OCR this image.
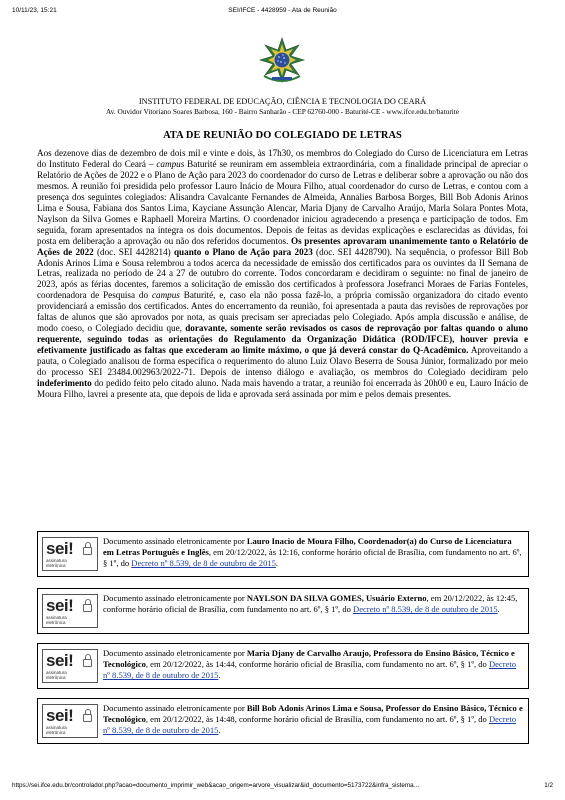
10/11/23, 15:21	SEI/IFCE - 4428959 - Ata de Reunião
INSTITUTO FEDERAL DE EDUCAÇÃO, CIÊNCIA E TECNOLOGIA DO CEARÁ
Av. Ouvidor Vitoriano Soares Barbosa, 160 - Bairro Sanharão - CEP 62760-000 - Baturité-CE - www.ifce.edu.br/baturite
ATA DE REUNIÃO DO COLEGIADO DE LETRAS

Aos dezenove dias de dezembro de dois mil e vinte e dois, às 17h30, os membros do Colegiado do Curso de Licenciatura em Letras do Instituto Federal do Ceará – campus Baturité se reuniram em assembleia extraordinária, com a finalidade principal de apreciar o Relatório de Ações de 2022 e o Plano de Ação para 2023 do coordenador do curso de Letras e deliberar sobre a aprovação ou não dos mesmos. A reunião foi presidida pelo professor Lauro Inácio de Moura Filho, atual coordenador do curso de Letras, e contou com a presença dos seguintes colegiados: Alisandra Cavalcante Fernandes de Almeida, Annalies Barbosa Borges, Bill Bob Adonis Arinos Lima e Sousa, Fabiana dos Santos Lima, Kayciane Assunção Alencar, Maria Djany de Carvalho Araújo, Marla Solara Pontes Mota, Naylson da Silva Gomes e Raphaell Moreira Martins. O coordenador iniciou agradecendo a presença e participação de todos. Em seguida, foram apresentados na íntegra os dois documentos. Depois de feitas as devidas explicações e esclarecidas as dúvidas, foi posta em deliberação a aprovação ou não dos referidos documentos. Os presentes aprovaram unanimemente tanto o Relatório de Ações de 2022 (doc. SEI 4428214) quanto o Plano de Ação para 2023 (doc. SEI 4428790). Na sequência, o professor Bill Bob Adonis Arinos Lima e Sousa relembrou a todos acerca da necessidade de emissão dos certificados para os ouvintes da II Semana de Letras, realizada no período de 24 a 27 de outubro do corrente. Todos concordaram e decidiram o seguinte: no final de janeiro de 2023, após as férias docentes, faremos a solicitação de emissão dos certificados à professora Josefranci Moraes de Farias Fonteles, coordenadora de Pesquisa do campus Baturité, e, caso ela não possa fazê-lo, a própria comissão organizadora do citado evento providenciará a emissão dos certificados. Antes do encerramento da reunião, foi apresentada a pauta das revisões de reprovações por faltas de alunos que são aprovados por nota, as quais precisam ser apreciadas pelo Colegiado. Após ampla discussão e análise, de modo coeso, o Colegiado decidiu que, doravante, somente serão revisados os casos de reprovação por faltas quando o aluno requerente, seguindo todas as orientações do Regulamento da Organização Didática (ROD/IFCE), houver previa e efetivamente justificado as faltas que excederam ao limite máximo, o que já deverá constar do Q-Acadêmico. Aproveitando a pauta, o Colegiado analisou de forma específica o requerimento do aluno Luiz Olavo Beserra de Sousa Júnior, formalizado por meio do processo SEI 23484.002963/2022-71. Depois de intenso diálogo e avaliação, os membros do Colegiado decidiram pelo indeferimento do pedido feito pelo citado aluno. Nada mais havendo a tratar, a reunião foi encerrada às 20h00 e eu, Lauro Inácio de Moura Filho, lavrei a presente ata, que depois de lida e aprovada será assinada por mim e pelos demais presentes.

sei!
assinatura
eletrônica
Documento assinado eletronicamente por Lauro Inacio de Moura Filho, Coordenador(a) do Curso de Licenciatura em Letras Português e Inglês, em 20/12/2022, às 12:16, conforme horário oficial de Brasília, com fundamento no art. 6º, § 1º, do Decreto nº 8.539, de 8 de outubro de 2015.
sei!
assinatura
eletrônica
Documento assinado eletronicamente por NAYLSON DA SILVA GOMES, Usuário Externo, em 20/12/2022, às 12:45, conforme horário oficial de Brasília, com fundamento no art. 6º, § 1º, do Decreto nº 8.539, de 8 de outubro de 2015.
sei!
assinatura
eletrônica
Documento assinado eletronicamente por Maria Djany de Carvalho Araujo, Professora do Ensino Básico, Técnico e Tecnológico, em 20/12/2022, às 14:44, conforme horário oficial de Brasília, com fundamento no art. 6º, § 1º, do Decreto nº 8.539, de 8 de outubro de 2015.
sei!
assinatura
eletrônica
Documento assinado eletronicamente por Bill Bob Adonis Arinos Lima e Sousa, Professor do Ensino Básico, Técnico e Tecnológico, em 20/12/2022, às 14:48, conforme horário oficial de Brasília, com fundamento no art. 6º, § 1º, do Decreto nº 8.539, de 8 de outubro de 2015.
https://sei.ifce.edu.br/controlador.php?acao=documento_imprimir_web&acao_origem=arvore_visualizar&id_documento=5173722&infra_sistema…	1/2
